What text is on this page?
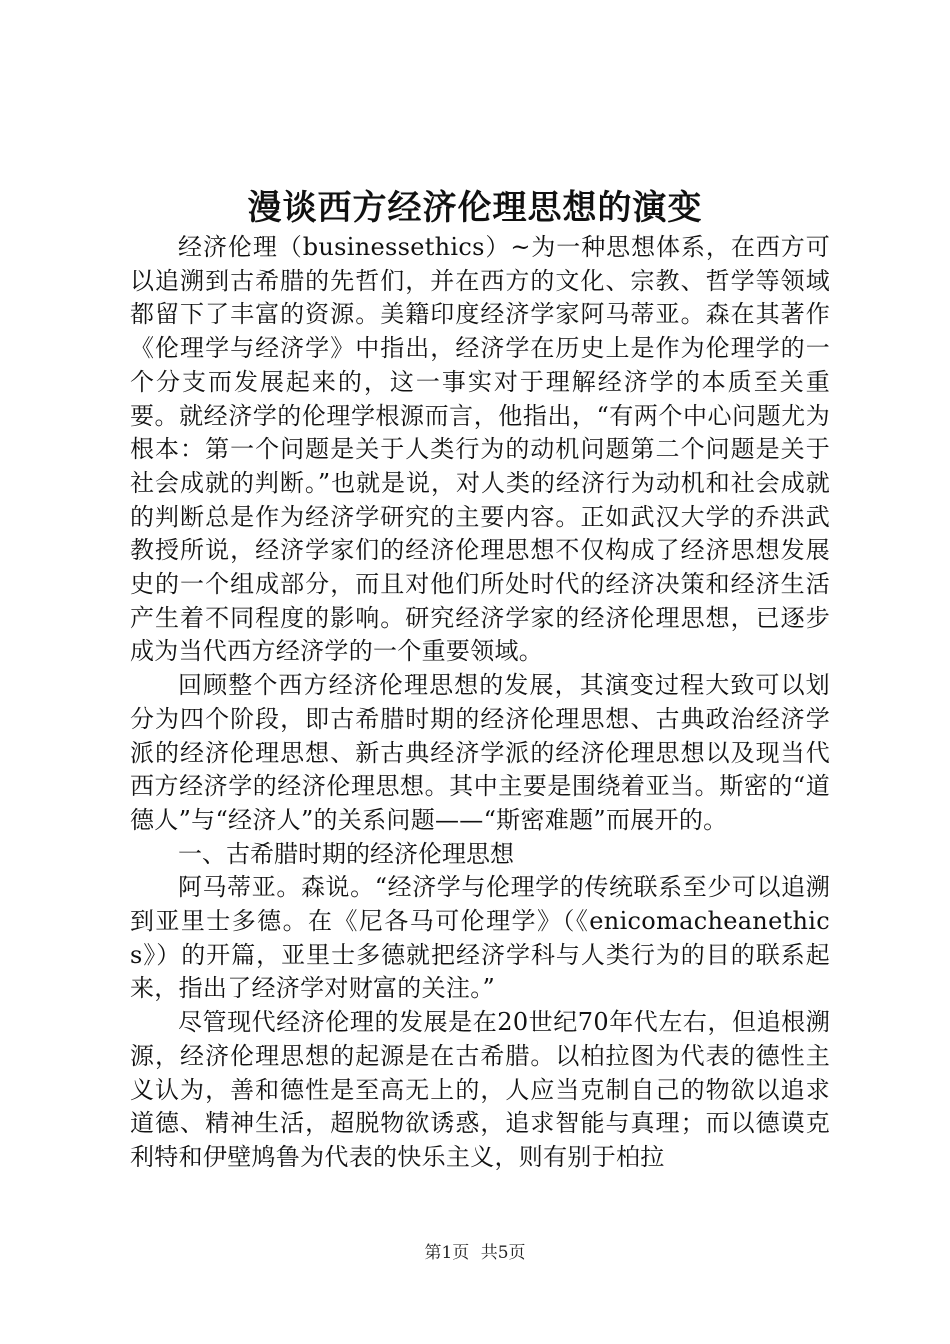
漫谈西方经济伦理思想的演变

经济伦理（businessethics）~为一种思想体系，在西方可以追溯到古希腊的先哲们，并在西方的文化、宗教、哲学等领域都留下了丰富的资源。美籍印度经济学家阿马蒂亚。森在其著作《伦理学与经济学》中指出，经济学在历史上是作为伦理学的一个分支而发展起来的，这一事实对于理解经济学的本质至关重要。就经济学的伦理学根源而言，他指出，“有两个中心问题尤为根本：第一个问题是关于人类行为的动机问题第二个问题是关于社会成就的判断。”也就是说，对人类的经济行为动机和社会成就的判断总是作为经济学研究的主要内容。正如武汉大学的乔洪武教授所说，经济学家们的经济伦理思想不仅构成了经济思想发展史的一个组成部分，而且对他们所处时代的经济决策和经济生活产生着不同程度的影响。研究经济学家的经济伦理思想，已逐步成为当代西方经济学的一个重要领域。

回顾整个西方经济伦理思想的发展，其演变过程大致可以划分为四个阶段，即古希腊时期的经济伦理思想、古典政治经济学派的经济伦理思想、新古典经济学派的经济伦理思想以及现当代西方经济学的经济伦理思想。其中主要是围绕着亚当。斯密的“道德人”与“经济人”的关系问题——“斯密难题”而展开的。

一、古希腊时期的经济伦理思想

阿马蒂亚。森说。“经济学与伦理学的传统联系至少可以追溯到亚里士多德。在《尼各马可伦理学》（《enicomacheanethics》）的开篇，亚里士多德就把经济学科与人类行为的目的联系起来，指出了经济学对财富的关注。”

尽管现代经济伦理的发展是在20世纪70年代左右，但追根溯源，经济伦理思想的起源是在古希腊。以柏拉图为代表的德性主义认为，善和德性是至高无上的，人应当克制自己的物欲以追求道德、精神生活，超脱物欲诱惑，追求智能与真理；而以德谟克利特和伊壁鸠鲁为代表的快乐主义，则有别于柏拉

第1页 共5页
